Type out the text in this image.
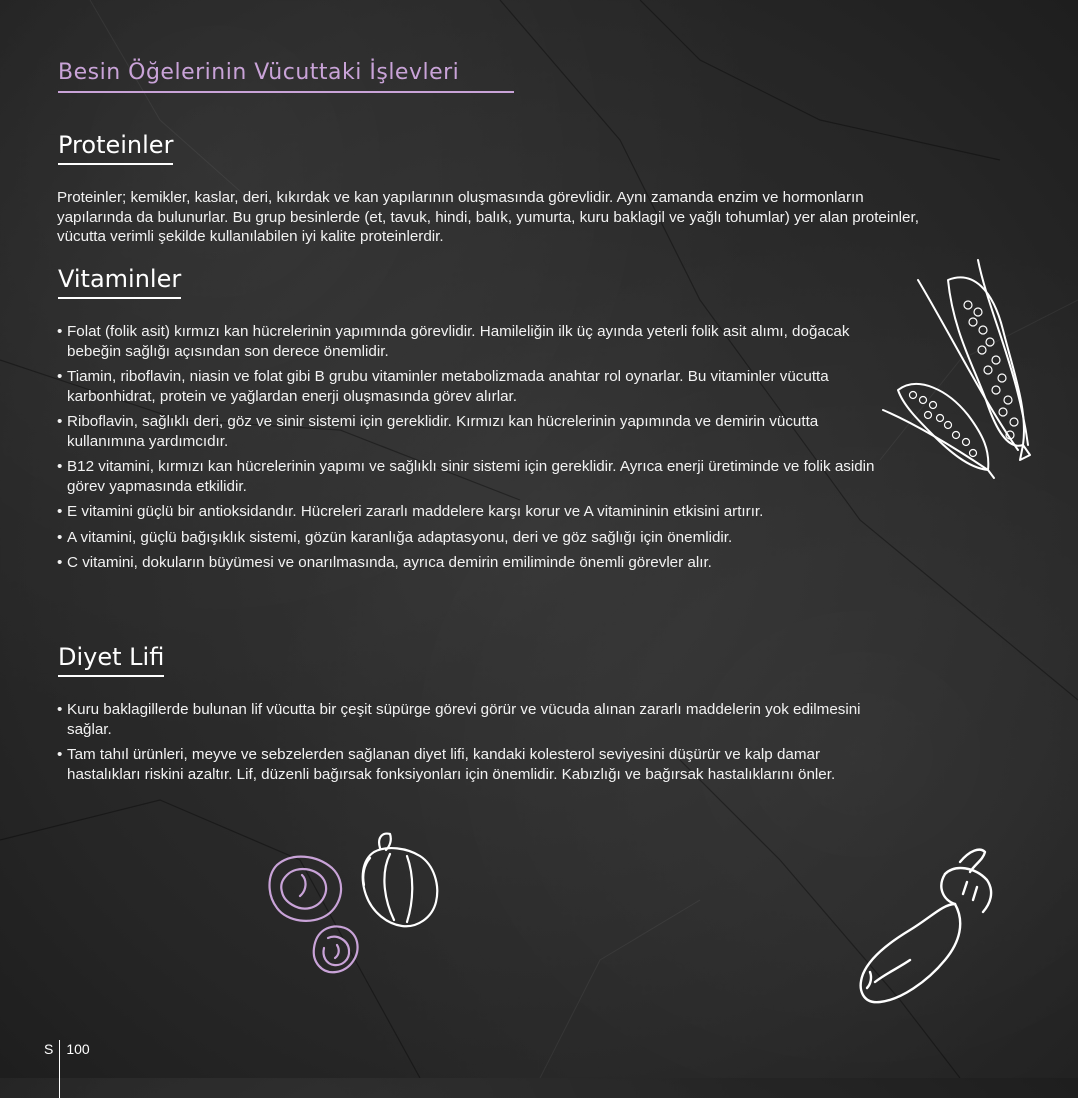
Besin Öğelerinin Vücuttaki İşlevleri
Proteinler
Proteinler; kemikler, kaslar, deri, kıkırdak ve kan yapılarının oluşmasında görevlidir. Aynı zamanda enzim ve hormonların yapılarında da bulunurlar. Bu grup besinlerde (et, tavuk, hindi, balık, yumurta, kuru baklagil ve yağlı tohumlar) yer alan proteinler, vücutta verimli şekilde kullanılabilen iyi kalite proteinlerdir.
Vitaminler
• Folat (folik asit) kırmızı kan hücrelerinin yapımında görevlidir. Hamileliğin ilk üç ayında yeterli folik asit alımı, doğacak bebeğin sağlığı açısından son derece önemlidir.
• Tiamin, riboflavin, niasin ve folat gibi B grubu vitaminler metabolizmada anahtar rol oynarlar. Bu vitaminler vücutta karbonhidrat, protein ve yağlardan enerji oluşmasında görev alırlar.
• Riboflavin, sağlıklı deri, göz ve sinir sistemi için gereklidir. Kırmızı kan hücrelerinin yapımında ve demirin vücutta kullanımına yardımcıdır.
• B12 vitamini, kırmızı kan hücrelerinin yapımı ve sağlıklı sinir sistemi için gereklidir. Ayrıca enerji üretiminde ve folik asidin görev yapmasında etkilidir.
• E vitamini güçlü bir antioksidandır. Hücreleri zararlı maddelere karşı korur ve A vitamininin etkisini artırır.
• A vitamini, güçlü bağışıklık sistemi, gözün karanlığa adaptasyonu, deri ve göz sağlığı için önemlidir.
• C vitamini, dokuların büyümesi ve onarılmasında, ayrıca demirin emiliminde önemli görevler alır.
Diyet Lifi
• Kuru baklagillerde bulunan lif vücutta bir çeşit süpürge görevi görür ve vücuda alınan zararlı maddelerin yok edilmesini sağlar.
• Tam tahıl ürünleri, meyve ve sebzelerden sağlanan diyet lifi, kandaki kolesterol seviyesini düşürür ve kalp damar hastalıkları riskini azaltır. Lif, düzenli bağırsak fonksiyonları için önemlidir. Kabızlığı ve bağırsak hastalıklarını önler.
S 100
